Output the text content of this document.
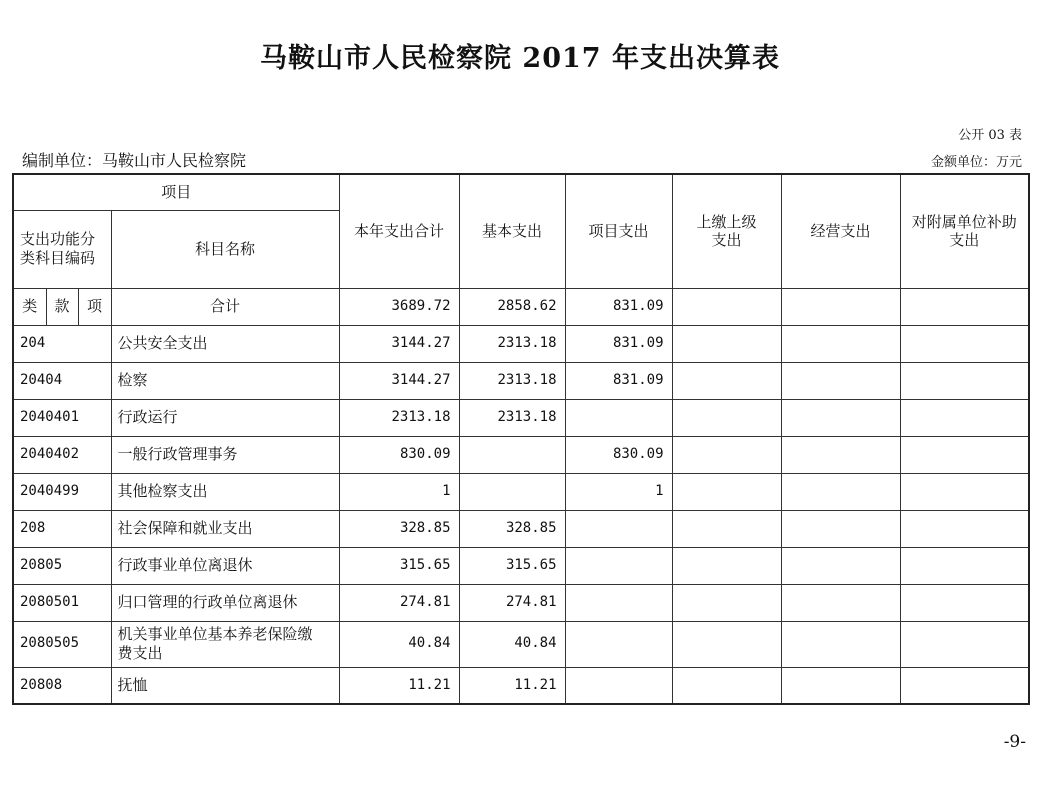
马鞍山市人民检察院 2017 年支出决算表
公开 03 表
编制单位：马鞍山市人民检察院	金额单位：万元
项目				本年支出合计	基本支出	项目支出	上缴上级支出	经营支出	对附属单位补助支出
支出功能分类科目编码			科目名称						
类	款	项	合计	3689.72	2858.62	831.09			
204			公共安全支出	3144.27	2313.18	831.09			
20404			检察	3144.27	2313.18	831.09			
2040401			行政运行	2313.18	2313.18				
2040402			一般行政管理事务	830.09		830.09			
2040499			其他检察支出	1		1			
208			社会保障和就业支出	328.85	328.85				
20805			行政事业单位离退休	315.65	315.65				
2080501			归口管理的行政单位离退休	274.81	274.81				
2080505			机关事业单位基本养老保险缴费支出	40.84	40.84				
20808			抚恤	11.21	11.21				
-9-
